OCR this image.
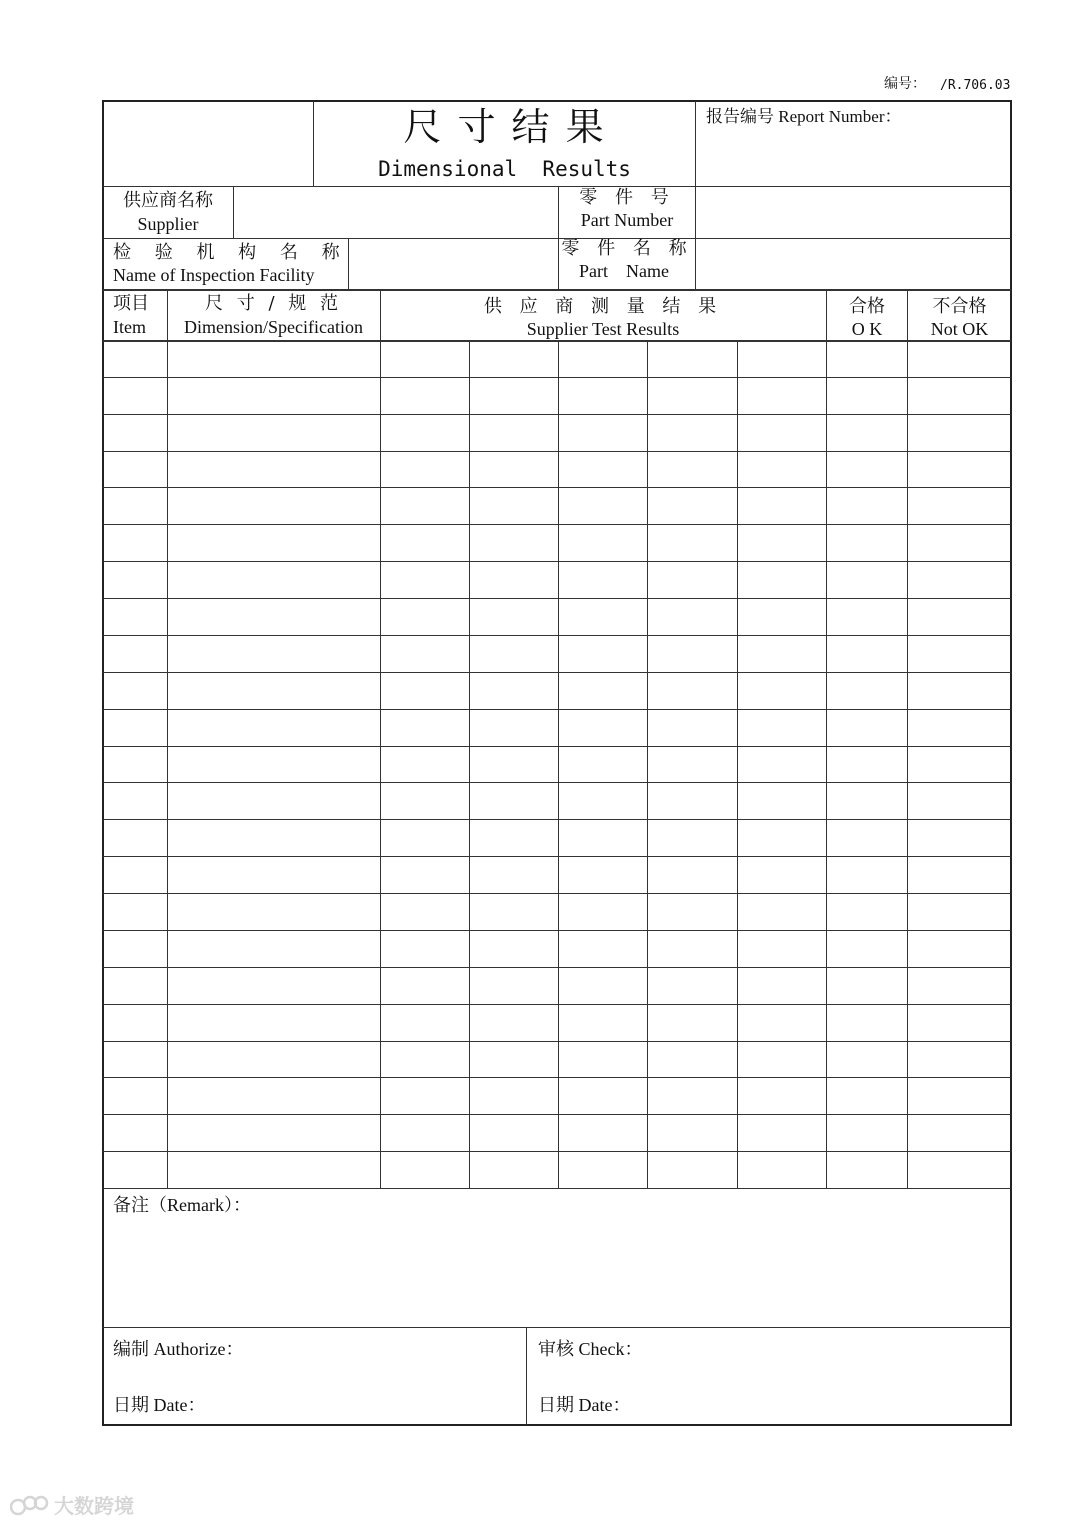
编号： /R.706.03
尺 寸 结 果
Dimensional  Results
报告编号 Report Number：
供应商名称
Supplier
零 件 号
Part Number
检 验 机 构 名 称
Name of Inspection Facility
零 件 名 称
Part    Name
项目
Item
尺 寸 / 规 范
Dimension/Specification
供 应 商 测 量 结 果
Supplier Test Results
合格
O K
不合格
Not OK
备注（Remark）：
编制 Authorize：
日期 Date：
审核 Check：
日期 Date：
大数跨境
